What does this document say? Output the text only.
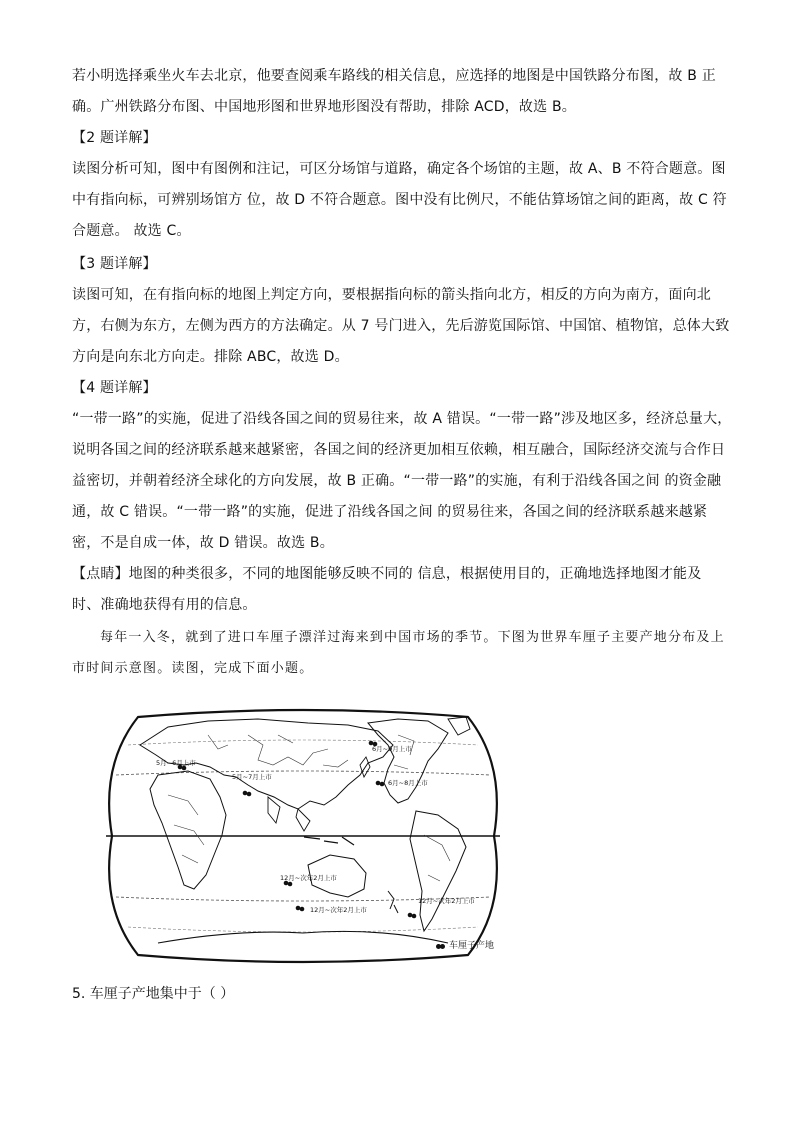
若小明选择乘坐火车去北京，他要查阅乘车路线的相关信息，应选择的地图是中国铁路分布图，故 B 正
确。广州铁路分布图、中国地形图和世界地形图没有帮助，排除 ACD，故选 B。
【2 题详解】
读图分析可知，图中有图例和注记，可区分场馆与道路，确定各个场馆的主题，故 A、B 不符合题意。图
中有指向标，可辨别场馆方 位，故 D 不符合题意。图中没有比例尺，不能估算场馆之间的距离，故 C 符
合题意。 故选 C。
【3 题详解】
读图可知，在有指向标的地图上判定方向，要根据指向标的箭头指向北方，相反的方向为南方，面向北
方，右侧为东方，左侧为西方的方法确定。从 7 号门进入，先后游览国际馆、中国馆、植物馆，总体大致
方向是向东北方向走。排除 ABC，故选 D。
【4 题详解】
“一带一路”的实施，促进了沿线各国之间的贸易往来，故 A 错误。“一带一路”涉及地区多，经济总量大，
说明各国之间的经济联系越来越紧密，各国之间的经济更加相互依赖，相互融合，国际经济交流与合作日
益密切，并朝着经济全球化的方向发展，故 B 正确。“一带一路”的实施，有利于沿线各国之间 的资金融
通，故 C 错误。“一带一路”的实施，促进了沿线各国之间 的贸易往来，各国之间的经济联系越来越紧
密，不是自成一体，故 D 错误。故选 B。
【点睛】地图的种类很多，不同的地图能够反映不同的 信息，根据使用目的，正确地选择地图才能及
时、准确地获得有用的信息。
每年一入冬，就到了进口车厘子漂洋过海来到中国市场的季节。下图为世界车厘子主要产地分布及上
市时间示意图。读图，完成下面小题。
5月~6月上市
5月~7月上市
6月~9月上市
6月~8月上市
12月~次年2月上市
12月~次年2月上市
12月~次年2月上市
车厘子产地
5. 车厘子产地集中于（ ）
